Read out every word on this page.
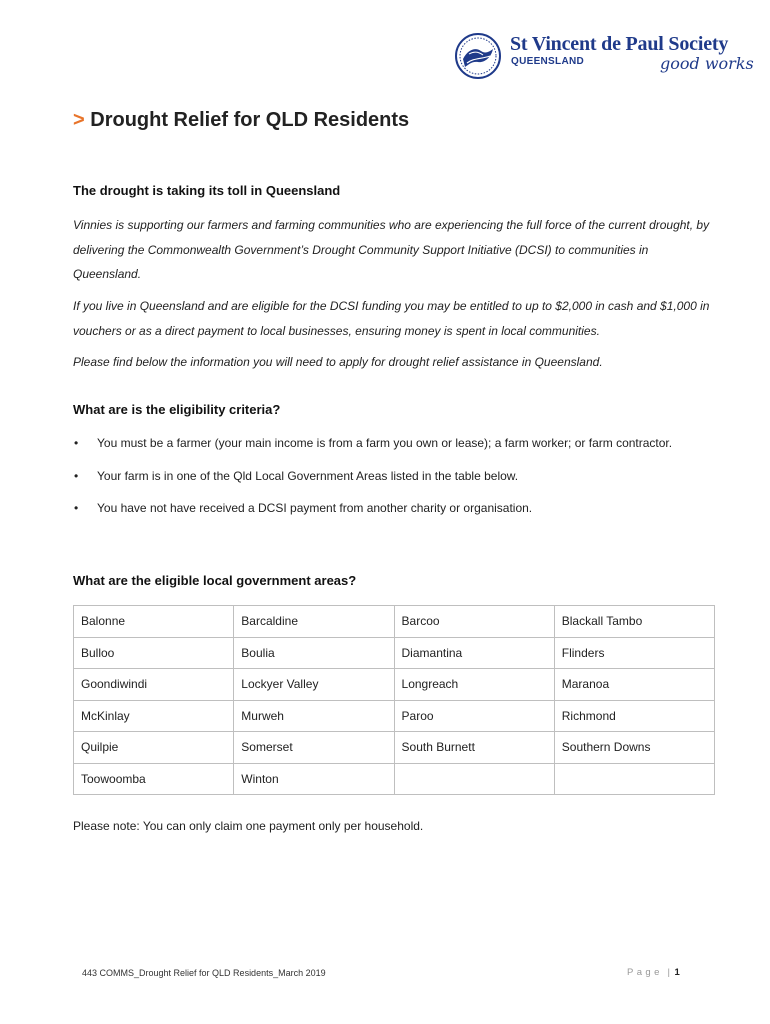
St Vincent de Paul Society
QUEENSLAND	good works
> Drought Relief for QLD Residents
The drought is taking its toll in Queensland

Vinnies is supporting our farmers and farming communities who are experiencing the full force of the current drought, by delivering the Commonwealth Government’s Drought Community Support Initiative (DCSI) to communities in Queensland.

If you live in Queensland and are eligible for the DCSI funding you may be entitled to up to $2,000 in cash and $1,000 in vouchers or as a direct payment to local businesses, ensuring money is spent in local communities.

Please find below the information you will need to apply for drought relief assistance in Queensland.

What are is the eligibility criteria?
• You must be a farmer (your main income is from a farm you own or lease); a farm worker; or farm contractor.
• Your farm is in one of the Qld Local Government Areas listed in the table below.
• You have not have received a DCSI payment from another charity or organisation.
What are the eligible local government areas?
Balonne	Barcaldine	Barcoo	Blackall Tambo
Bulloo	Boulia	Diamantina	Flinders
Goondiwindi	Lockyer Valley	Longreach	Maranoa
McKinlay	Murweh	Paroo	Richmond
Quilpie	Somerset	South Burnett	Southern Downs
Toowoomba	Winton		
Please note: You can only claim one payment only per household.
443 COMMS_Drought Relief for QLD Residents_March 2019	Page | 1
